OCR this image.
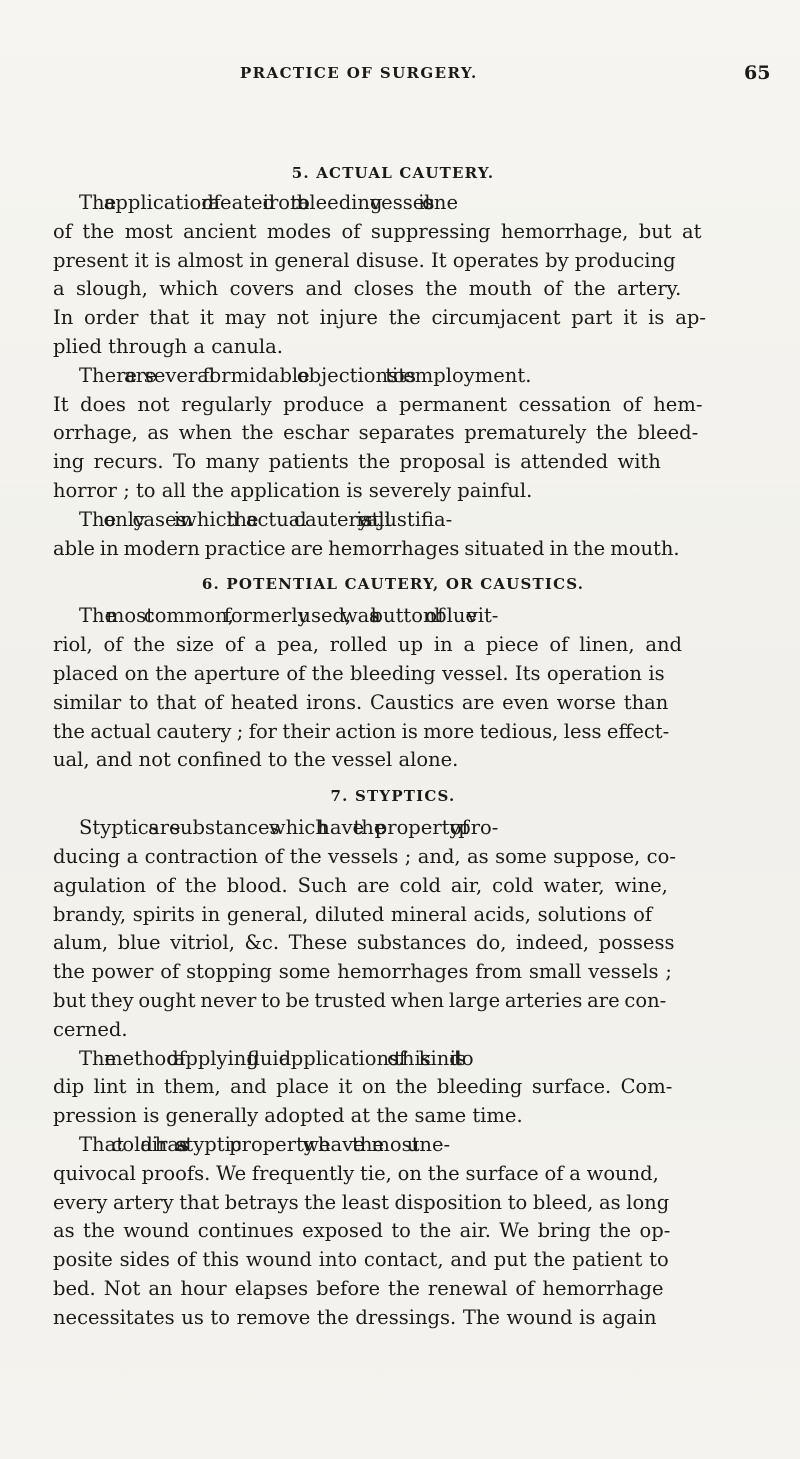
PRACTICE OF SURGERY.	65
5. ACTUAL CAUTERY.
The application of a heated iron to a bleeding vessel is one
of the most ancient modes of suppressing hemorrhage, but at
present it is almost in general disuse. It operates by producing
a slough, which covers and closes the mouth of the artery.
In order that it may not injure the circumjacent part it is ap-
plied through a canula.
There are several formidable objections to its employment.
It does not regularly produce a permanent cessation of hem-
orrhage, as when the eschar separates prematurely the bleed-
ing recurs. To many patients the proposal is attended with
horror ; to all the application is severely painful.
The only cases in which the actual cautery is at all justifia-
able in modern practice are hemorrhages situated in the mouth.
6. POTENTIAL CAUTERY, OR CAUSTICS.
The most common, formerly used, was a button of blue vit-
riol, of the size of a pea, rolled up in a piece of linen, and
placed on the aperture of the bleeding vessel. Its operation is
similar to that of heated irons. Caustics are even worse than
the actual cautery ; for their action is more tedious, less effect-
ual, and not confined to the vessel alone.
7. STYPTICS.
Styptics are substances which have the property of pro-
ducing a contraction of the vessels ; and, as some suppose, co-
agulation of the blood. Such are cold air, cold water, wine,
brandy, spirits in general, diluted mineral acids, solutions of
alum, blue vitriol, &c. These substances do, indeed, possess
the power of stopping some hemorrhages from small vessels ;
but they ought never to be trusted when large arteries are con-
cerned.
The method of applying fluid applications of this kind is to
dip lint in them, and place it on the bleeding surface. Com-
pression is generally adopted at the same time.
That cold air has a styptic property we have the most une-
quivocal proofs. We frequently tie, on the surface of a wound,
every artery that betrays the least disposition to bleed, as long
as the wound continues exposed to the air. We bring the op-
posite sides of this wound into contact, and put the patient to
bed. Not an hour elapses before the renewal of hemorrhage
necessitates us to remove the dressings. The wound is again
